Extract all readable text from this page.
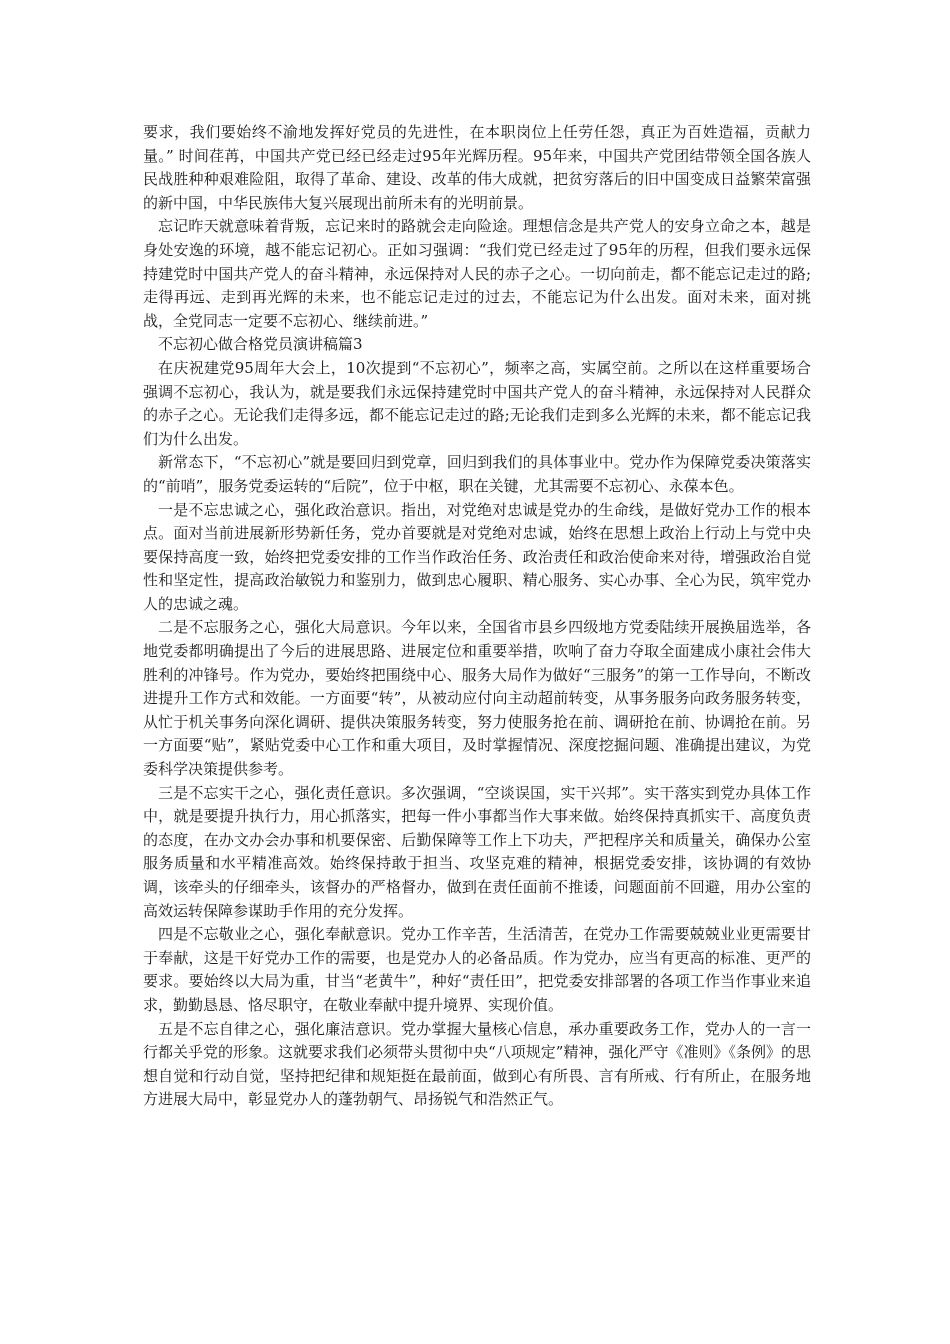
要求，我们要始终不渝地发挥好党员的先进性，在本职岗位上任劳任怨，真正为百姓造福，贡献力量。” 时间荏苒，中国共产党已经已经走过95年光辉历程。95年来，中国共产党团结带领全国各族人民战胜种种艰难险阻，取得了革命、建设、改革的伟大成就，把贫穷落后的旧中国变成日益繁荣富强的新中国，中华民族伟大复兴展现出前所未有的光明前景。

忘记昨天就意味着背叛，忘记来时的路就会走向险途。理想信念是共产党人的安身立命之本，越是身处安逸的环境，越不能忘记初心。正如习强调：“我们党已经走过了95年的历程，但我们要永远保持建党时中国共产党人的奋斗精神，永远保持对人民的赤子之心。一切向前走，都不能忘记走过的路;走得再远、走到再光辉的未来，也不能忘记走过的过去，不能忘记为什么出发。面对未来，面对挑战，全党同志一定要不忘初心、继续前进。”

不忘初心做合格党员演讲稿篇3

在庆祝建党95周年大会上，10次提到“不忘初心”，频率之高，实属空前。之所以在这样重要场合强调不忘初心，我认为，就是要我们永远保持建党时中国共产党人的奋斗精神，永远保持对人民群众的赤子之心。无论我们走得多远，都不能忘记走过的路;无论我们走到多么光辉的未来，都不能忘记我们为什么出发。

新常态下，“不忘初心”就是要回归到党章，回归到我们的具体事业中。党办作为保障党委决策落实的“前哨”，服务党委运转的“后院”，位于中枢，职在关键，尤其需要不忘初心、永葆本色。

一是不忘忠诚之心，强化政治意识。指出，对党绝对忠诚是党办的生命线，是做好党办工作的根本点。面对当前进展新形势新任务，党办首要就是对党绝对忠诚，始终在思想上政治上行动上与党中央要保持高度一致，始终把党委安排的工作当作政治任务、政治责任和政治使命来对待，增强政治自觉性和坚定性，提高政治敏锐力和鉴别力，做到忠心履职、精心服务、实心办事、全心为民，筑牢党办人的忠诚之魂。

二是不忘服务之心，强化大局意识。今年以来，全国省市县乡四级地方党委陆续开展换届选举，各地党委都明确提出了今后的进展思路、进展定位和重要举措，吹响了奋力夺取全面建成小康社会伟大胜利的冲锋号。作为党办，要始终把围绕中心、服务大局作为做好“三服务”的第一工作导向，不断改进提升工作方式和效能。一方面要“转”，从被动应付向主动超前转变，从事务服务向政务服务转变，从忙于机关事务向深化调研、提供决策服务转变，努力使服务抢在前、调研抢在前、协调抢在前。另一方面要“贴”，紧贴党委中心工作和重大项目，及时掌握情况、深度挖掘问题、准确提出建议，为党委科学决策提供参考。

三是不忘实干之心，强化责任意识。多次强调，“空谈误国，实干兴邦”。实干落实到党办具体工作中，就是要提升执行力，用心抓落实，把每一件小事都当作大事来做。始终保持真抓实干、高度负责的态度，在办文办会办事和机要保密、后勤保障等工作上下功夫，严把程序关和质量关，确保办公室服务质量和水平精准高效。始终保持敢于担当、攻坚克难的精神，根据党委安排，该协调的有效协调，该牵头的仔细牵头，该督办的严格督办，做到在责任面前不推诿，问题面前不回避，用办公室的高效运转保障参谋助手作用的充分发挥。

四是不忘敬业之心，强化奉献意识。党办工作辛苦，生活清苦，在党办工作需要兢兢业业更需要甘于奉献，这是干好党办工作的需要，也是党办人的必备品质。作为党办，应当有更高的标准、更严的要求。要始终以大局为重，甘当“老黄牛”，种好“责任田”，把党委安排部署的各项工作当作事业来追求，勤勤恳恳、恪尽职守，在敬业奉献中提升境界、实现价值。

五是不忘自律之心，强化廉洁意识。党办掌握大量核心信息，承办重要政务工作，党办人的一言一行都关乎党的形象。这就要求我们必须带头贯彻中央“八项规定”精神，强化严守《准则》《条例》的思想自觉和行动自觉，坚持把纪律和规矩挺在最前面，做到心有所畏、言有所戒、行有所止，在服务地方进展大局中，彰显党办人的蓬勃朝气、昂扬锐气和浩然正气。
